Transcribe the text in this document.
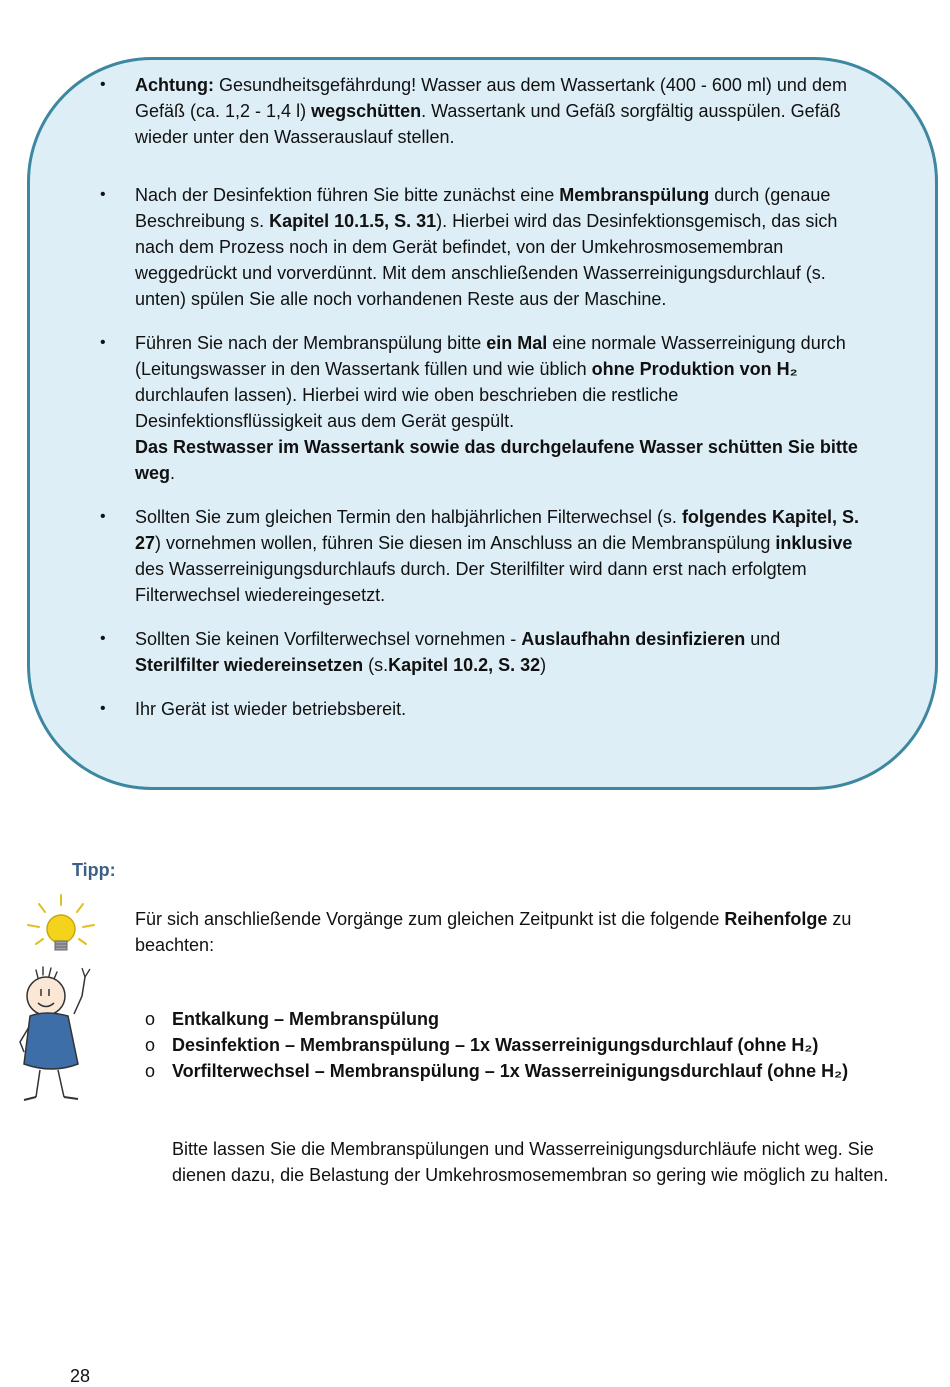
• Achtung: Gesundheitsgefährdung! Wasser aus dem Wassertank (400 - 600 ml) und dem Gefäß (ca. 1,2 - 1,4 l) wegschütten. Wassertank und Gefäß sorgfältig ausspülen. Gefäß wieder unter den Wasserauslauf stellen.
• Nach der Desinfektion führen Sie bitte zunächst eine Membranspülung durch (genaue Beschreibung s. Kapitel 10.1.5, S. 31). Hierbei wird das Desinfektionsgemisch, das sich nach dem Prozess noch in dem Gerät befindet, von der Umkehrosmosemembran weggedrückt und vorverdünnt. Mit dem anschließenden Wasserreinigungsdurchlauf (s. unten) spülen Sie alle noch vorhandenen Reste aus der Maschine.
• Führen Sie nach der Membranspülung bitte ein Mal eine normale Wasserreinigung durch (Leitungswasser in den Wassertank füllen und wie üblich ohne Produktion von H₂ durchlaufen lassen). Hierbei wird wie oben beschrieben die restliche Desinfektionsflüssigkeit aus dem Gerät gespült.
Das Restwasser im Wassertank sowie das durchgelaufene Wasser schütten Sie bitte weg.
• Sollten Sie zum gleichen Termin den halbjährlichen Filterwechsel (s. folgendes Kapitel, S. 27) vornehmen wollen, führen Sie diesen im Anschluss an die Membranspülung inklusive des Wasserreinigungsdurchlaufs durch. Der Sterilfilter wird dann erst nach erfolgtem Filterwechsel wiedereingesetzt.
• Sollten Sie keinen Vorfilterwechsel vornehmen - Auslaufhahn desinfizieren und Sterilfilter wiedereinsetzen (s.Kapitel 10.2, S. 32)
• Ihr Gerät ist wieder betriebsbereit.
Tipp:

Für sich anschließende Vorgänge zum gleichen Zeitpunkt ist die folgende Reihenfolge zu beachten:

o Entkalkung – Membranspülung
o Desinfektion – Membranspülung – 1x Wasserreinigungsdurchlauf (ohne H₂)
o Vorfilterwechsel – Membranspülung – 1x Wasserreinigungsdurchlauf (ohne H₂)

Bitte lassen Sie die Membranspülungen und Wasserreinigungsdurchläufe nicht weg. Sie dienen dazu, die Belastung der Umkehrosmosemembran so gering wie möglich zu halten.

28
